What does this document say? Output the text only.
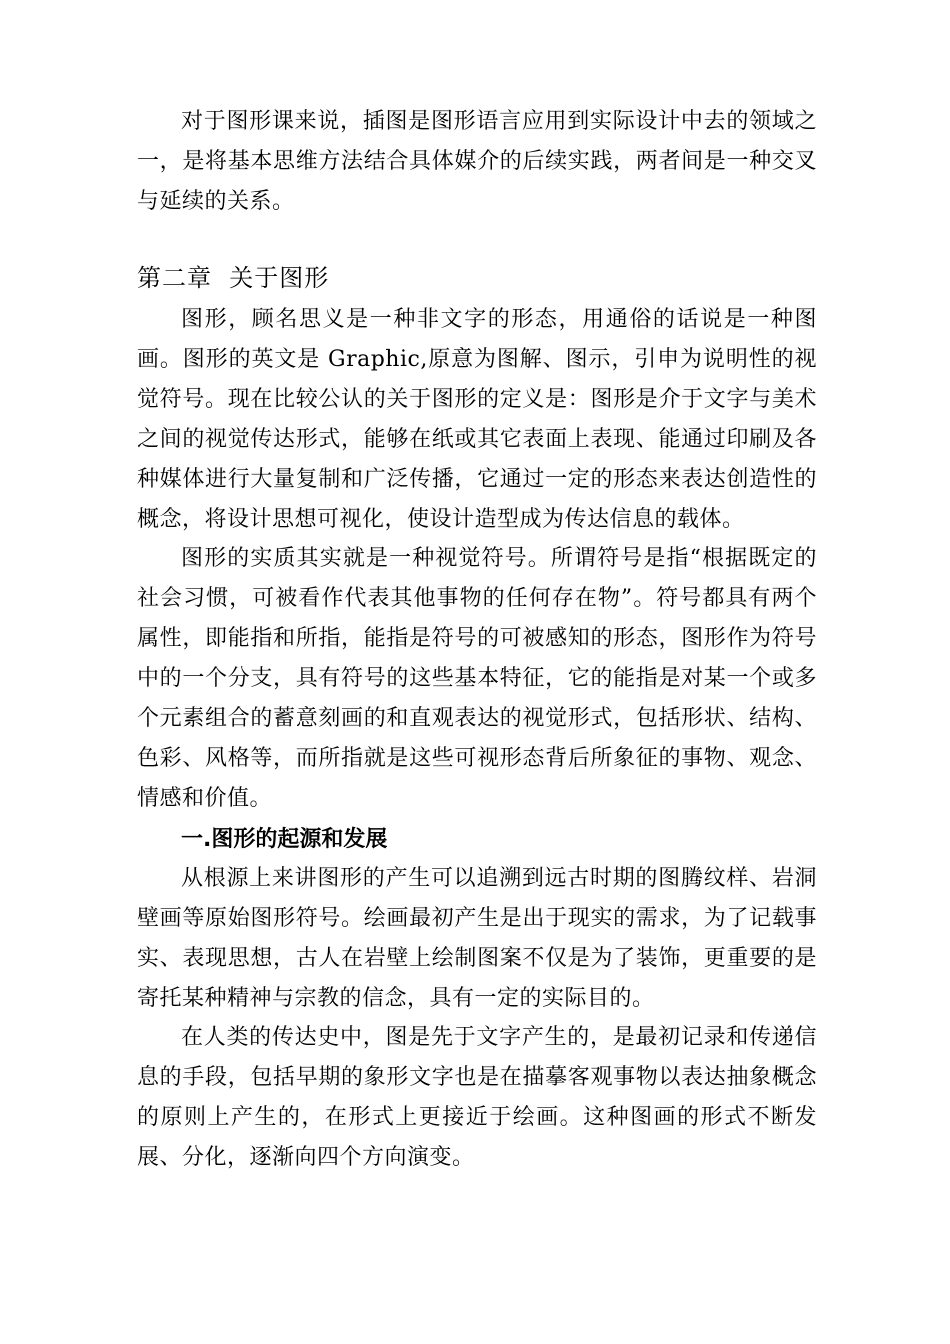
对于图形课来说，插图是图形语言应用到实际设计中去的领域之一，是将基本思维方法结合具体媒介的后续实践，两者间是一种交叉与延续的关系。

第二章  关于图形

图形，顾名思义是一种非文字的形态，用通俗的话说是一种图画。图形的英文是 Graphic,原意为图解、图示，引申为说明性的视觉符号。现在比较公认的关于图形的定义是：图形是介于文字与美术之间的视觉传达形式，能够在纸或其它表面上表现、能通过印刷及各种媒体进行大量复制和广泛传播，它通过一定的形态来表达创造性的概念，将设计思想可视化，使设计造型成为传达信息的载体。

图形的实质其实就是一种视觉符号。所谓符号是指“根据既定的社会习惯，可被看作代表其他事物的任何存在物”。符号都具有两个属性，即能指和所指，能指是符号的可被感知的形态，图形作为符号中的一个分支，具有符号的这些基本特征，它的能指是对某一个或多个元素组合的蓄意刻画的和直观表达的视觉形式，包括形状、结构、色彩、风格等，而所指就是这些可视形态背后所象征的事物、观念、情感和价值。

一.图形的起源和发展

从根源上来讲图形的产生可以追溯到远古时期的图腾纹样、岩洞壁画等原始图形符号。绘画最初产生是出于现实的需求，为了记载事实、表现思想，古人在岩壁上绘制图案不仅是为了装饰，更重要的是寄托某种精神与宗教的信念，具有一定的实际目的。

在人类的传达史中，图是先于文字产生的，是最初记录和传递信息的手段，包括早期的象形文字也是在描摹客观事物以表达抽象概念的原则上产生的，在形式上更接近于绘画。这种图画的形式不断发展、分化，逐渐向四个方向演变。
